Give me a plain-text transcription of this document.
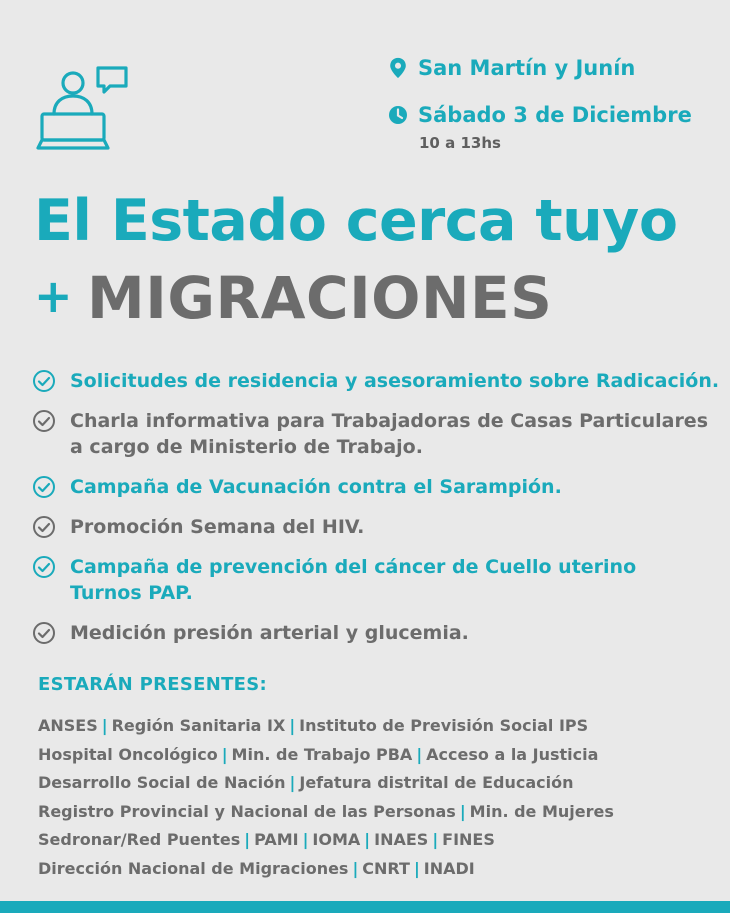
San Martín y Junín
Sábado 3 de Diciembre
10 a 13hs
El Estado cerca tuyo
+ MIGRACIONES
Solicitudes de residencia y asesoramiento sobre Radicación.
Charla informativa para Trabajadoras de Casas Particulares
a cargo de Ministerio de Trabajo.
Campaña de Vacunación contra el Sarampión.
Promoción Semana del HIV.
Campaña de prevención del cáncer de Cuello uterino
Turnos PAP.
Medición presión arterial y glucemia.
ESTARÁN PRESENTES:
ANSES | Región Sanitaria IX | Instituto de Previsión Social IPS
Hospital Oncológico | Min. de Trabajo PBA | Acceso a la Justicia
Desarrollo Social de Nación | Jefatura distrital de Educación
Registro Provincial y Nacional de las Personas | Min. de Mujeres
Sedronar/Red Puentes | PAMI | IOMA | INAES | FINES
Dirección Nacional de Migraciones | CNRT | INADI
